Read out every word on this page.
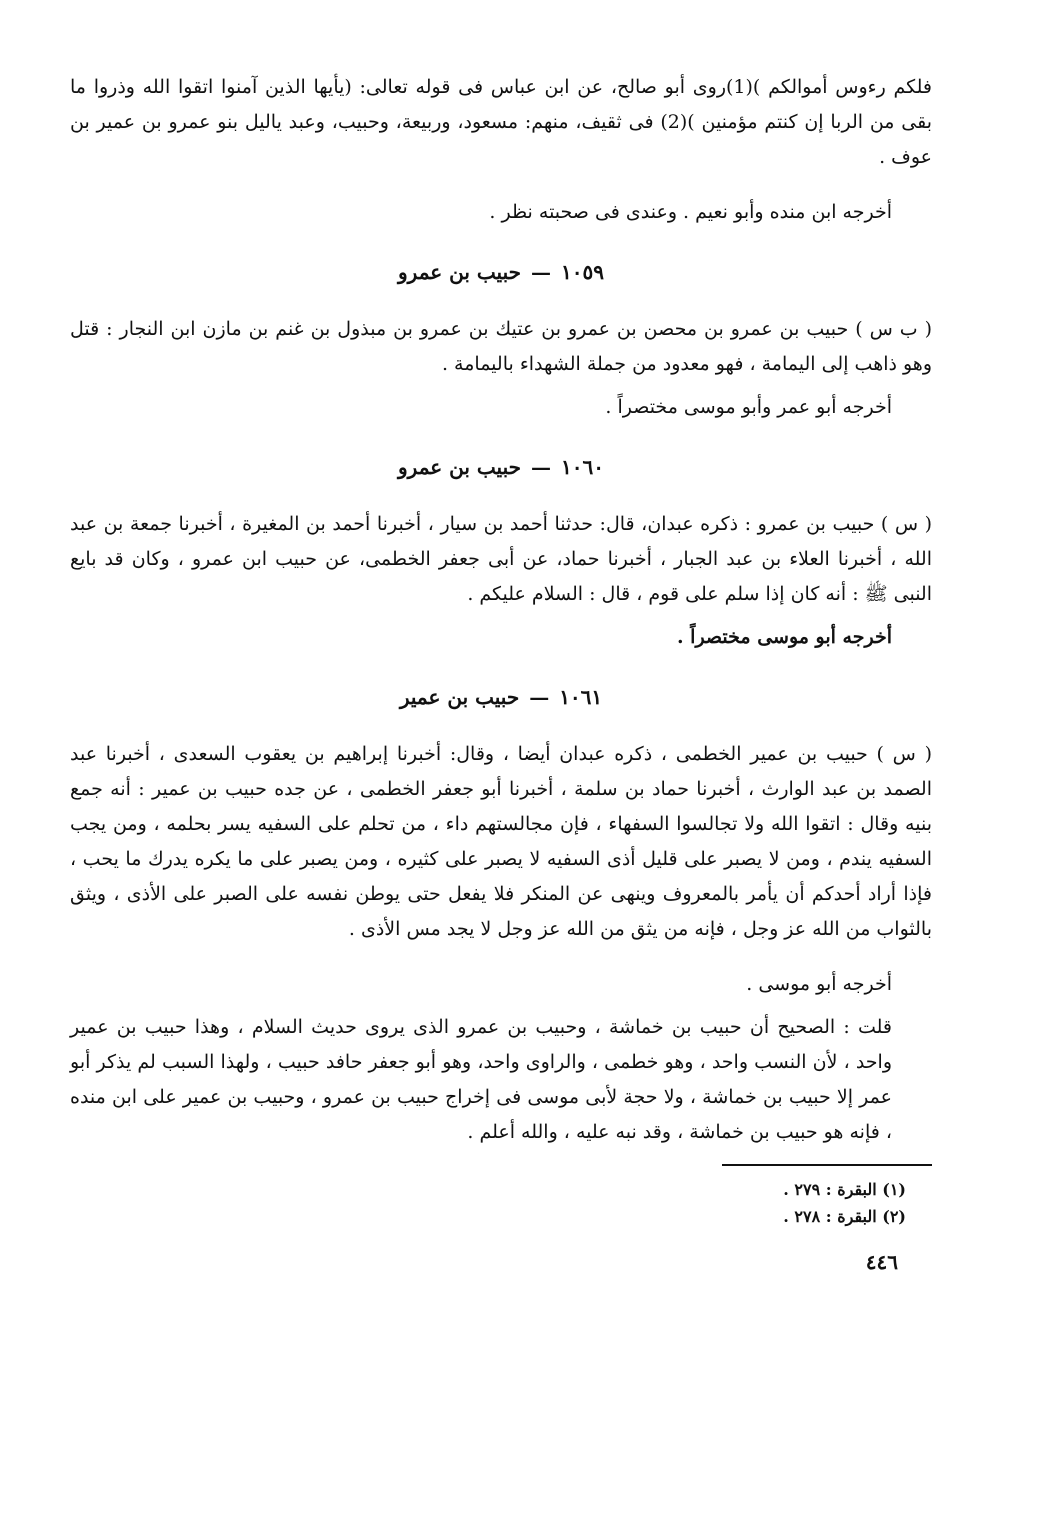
فلكم رءوس أموالكم )(1)روى أبو صالح، عن ابن عباس فى قوله تعالى: (يأيها الذين آمنوا اتقوا الله وذروا ما بقى من الربا إن كنتم مؤمنين )(2) فى ثقيف، منهم: مسعود، وربيعة، وحبيب، وعبد ياليل بنو عمرو بن عمير بن عوف .

أخرجه ابن منده وأبو نعيم . وعندى فى صحبته نظر .

١٠٥٩—حبيب بن عمرو

( ب س ) حبيب بن عمرو بن محصن بن عمرو بن عتيك بن عمرو بن مبذول بن غنم بن مازن ابن النجار : قتل وهو ذاهب إلى اليمامة ، فهو معدود من جملة الشهداء باليمامة .

أخرجه أبو عمر وأبو موسى مختصراً .

١٠٦٠—حبيب بن عمرو

( س ) حبيب بن عمرو : ذكره عبدان، قال: حدثنا أحمد بن سيار ، أخبرنا أحمد بن المغيرة ، أخبرنا جمعة بن عبد الله ، أخبرنا العلاء بن عبد الجبار ، أخبرنا حماد، عن أبى جعفر الخطمى، عن حبيب ابن عمرو ، وكان قد بايع النبى ﷺ : أنه كان إذا سلم على قوم ، قال : السلام عليكم .

أخرجه أبو موسى مختصراً .

١٠٦١—حبيب بن عمير

( س ) حبيب بن عمير الخطمى ، ذكره عبدان أيضا ، وقال: أخبرنا إبراهيم بن يعقوب السعدى ، أخبرنا عبد الصمد بن عبد الوارث ، أخبرنا حماد بن سلمة ، أخبرنا أبو جعفر الخطمى ، عن جده حبيب بن عمير : أنه جمع بنيه وقال : اتقوا الله ولا تجالسوا السفهاء ، فإن مجالستهم داء ، من تحلم على السفيه يسر بحلمه ، ومن يجب السفيه يندم ، ومن لا يصبر على قليل أذى السفيه لا يصبر على كثيره ، ومن يصبر على ما يكره يدرك ما يحب ، فإذا أراد أحدكم أن يأمر بالمعروف وينهى عن المنكر فلا يفعل حتى يوطن نفسه على الصبر على الأذى ، ويثق بالثواب من الله عز وجل ، فإنه من يثق من الله عز وجل لا يجد مس الأذى .

أخرجه أبو موسى .

قلت : الصحيح أن حبيب بن خماشة ، وحبيب بن عمرو الذى يروى حديث السلام ، وهذا حبيب بن عمير واحد ، لأن النسب واحد ، وهو خطمى ، والراوى واحد، وهو أبو جعفر حافد حبيب ، ولهذا السبب لم يذكر أبو عمر إلا حبيب بن خماشة ، ولا حجة لأبى موسى فى إخراج حبيب بن عمرو ، وحبيب بن عمير على ابن منده ، فإنه هو حبيب بن خماشة ، وقد نبه عليه ، والله أعلم .

(١) البقرة : ٢٧٩ .

(٢) البقرة : ٢٧٨ .

٤٤٦
